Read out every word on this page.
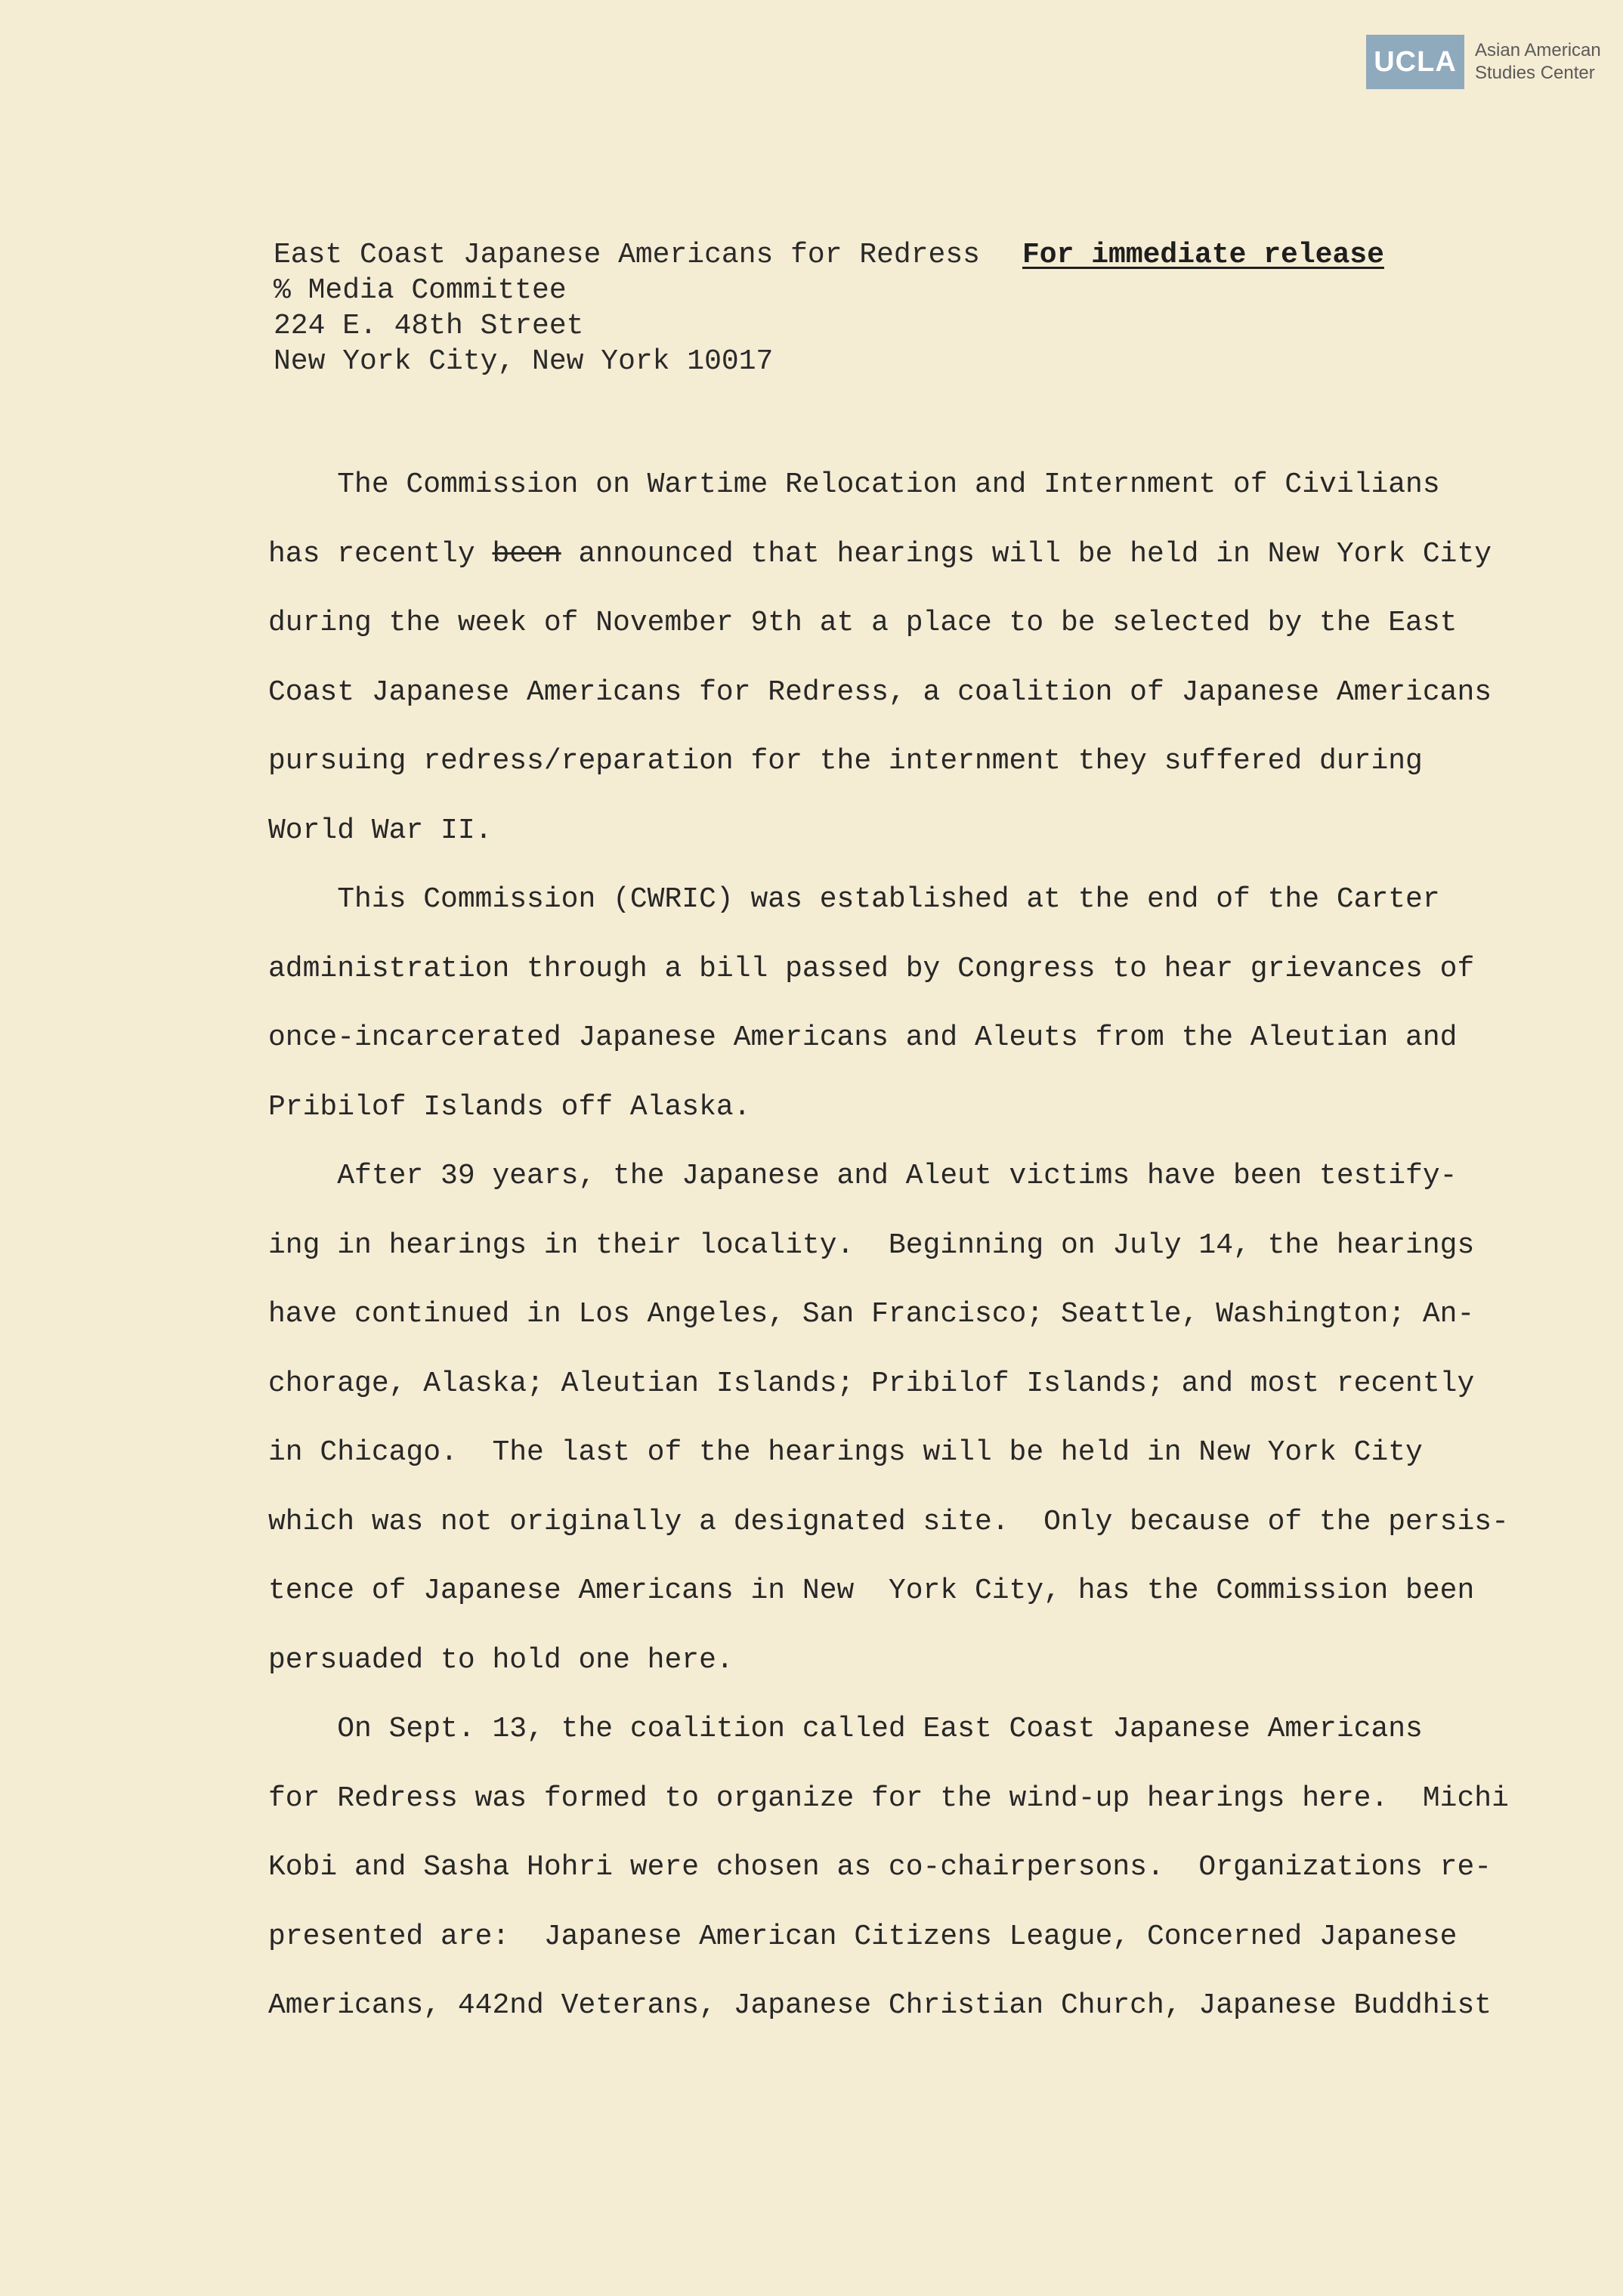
UCLA	Asian American
Studies Center
East Coast Japanese Americans for Redress
% Media Committee
224 E. 48th Street
New York City, New York 10017
For immediate release
The Commission on Wartime Relocation and Internment of Civilians
has recently been announced that hearings will be held in New York City
during the week of November 9th at a place to be selected by the East
Coast Japanese Americans for Redress, a coalition of Japanese Americans
pursuing redress/reparation for the internment they suffered during
World War II.
This Commission (CWRIC) was established at the end of the Carter
administration through a bill passed by Congress to hear grievances of
once-incarcerated Japanese Americans and Aleuts from the Aleutian and
Pribilof Islands off Alaska.
After 39 years, the Japanese and Aleut victims have been testify-
ing in hearings in their locality.  Beginning on July 14, the hearings
have continued in Los Angeles, San Francisco; Seattle, Washington; An-
chorage, Alaska; Aleutian Islands; Pribilof Islands; and most recently
in Chicago.  The last of the hearings will be held in New York City
which was not originally a designated site.  Only because of the persis-
tence of Japanese Americans in New  York City, has the Commission been
persuaded to hold one here.
On Sept. 13, the coalition called East Coast Japanese Americans
for Redress was formed to organize for the wind-up hearings here.  Michi
Kobi and Sasha Hohri were chosen as co-chairpersons.  Organizations re-
presented are:  Japanese American Citizens League, Concerned Japanese
Americans, 442nd Veterans, Japanese Christian Church, Japanese Buddhist
